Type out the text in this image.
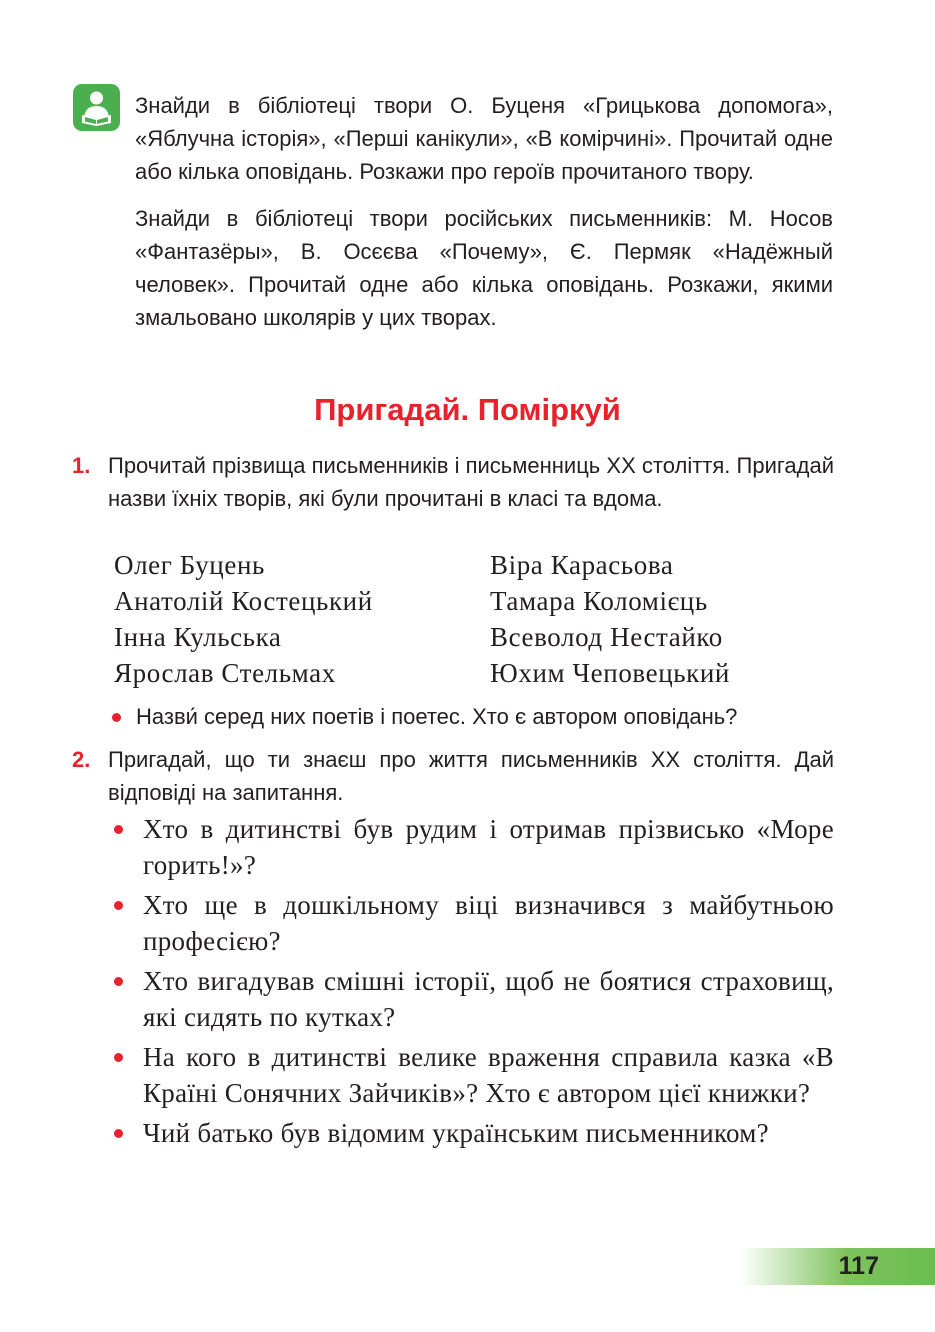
Знайди в бібліотеці твори О. Буценя «Грицькова допомога», «Яблучна історія», «Перші канікули», «В комірчині». Прочитай одне або кілька оповідань. Розкажи про героїв прочитаного твору.

Знайди в бібліотеці твори російських письменників: М. Носов «Фантазёры», В. Осєєва «Почему», Є. Пермяк «Надёжный человек». Прочитай одне або кілька оповідань. Розкажи, якими змальовано школярів у цих творах.

Пригадай. Поміркуй
1. Прочитай прізвища письменників і письменниць XX століття. Пригадай назви їхніх творів, які були прочитані в класі та вдома.
Олег Буцень	Віра Карасьова
Анатолій Костецький	Тамара Коломієць
Інна Кульська	Всеволод Нестайко
Ярослав Стельмах	Юхим Чеповецький
Назви́ серед них поетів і поетес. Хто є автором оповідань?
2. Пригадай, що ти знаєш про життя письменників XX століття. Дай відповіді на запитання.
Хто в дитинстві був рудим і отримав прізвисько «Море горить!»?
Хто ще в дошкільному віці визначився з майбутньою професією?
Хто вигадував смішні історії, щоб не боятися страховищ, які сидять по кутках?
На кого в дитинстві велике враження справила казка «В Країні Сонячних Зайчиків»? Хто є автором цієї книжки?
Чий батько був відомим українським письменником?
117
